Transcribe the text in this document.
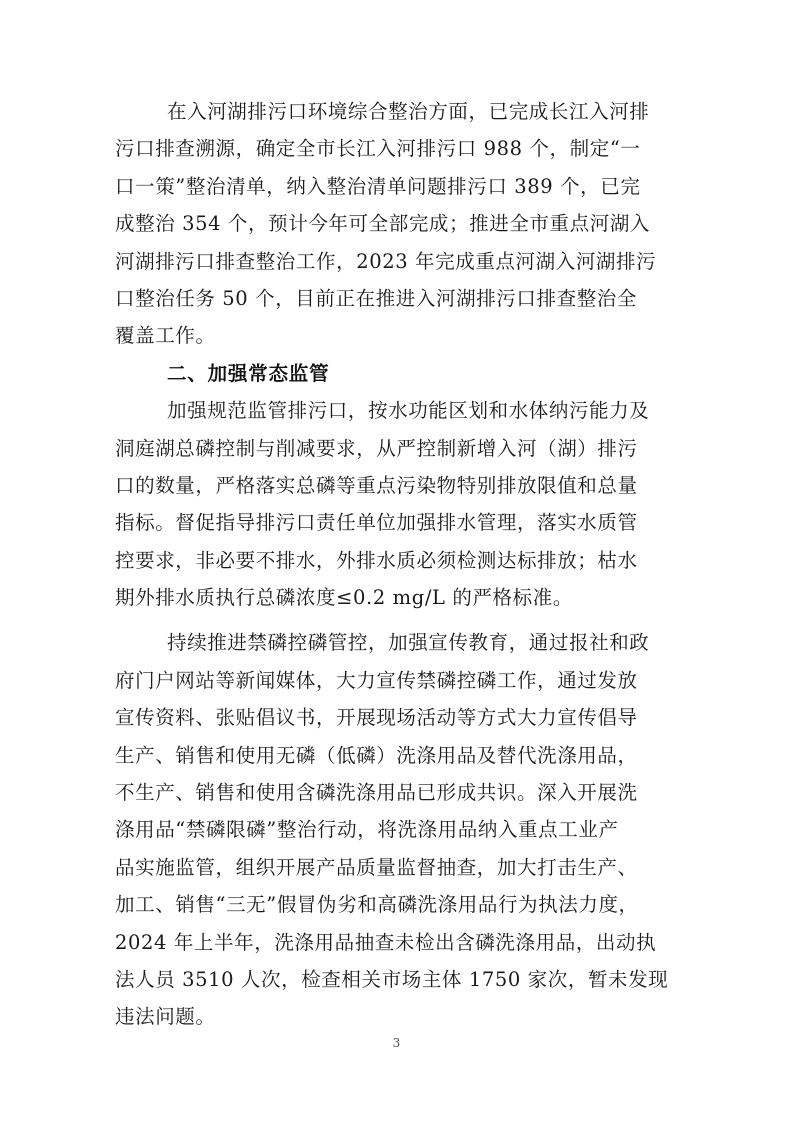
在入河湖排污口环境综合整治方面，已完成长江入河排
污口排查溯源，确定全市长江入河排污口 988 个，制定“一
口一策”整治清单，纳入整治清单问题排污口 389 个，已完
成整治 354 个，预计今年可全部完成；推进全市重点河湖入
河湖排污口排查整治工作，2023 年完成重点河湖入河湖排污
口整治任务 50 个，目前正在推进入河湖排污口排查整治全
覆盖工作。
二、加强常态监管
加强规范监管排污口，按水功能区划和水体纳污能力及
洞庭湖总磷控制与削减要求，从严控制新增入河（湖）排污
口的数量，严格落实总磷等重点污染物特别排放限值和总量
指标。督促指导排污口责任单位加强排水管理，落实水质管
控要求，非必要不排水，外排水质必须检测达标排放；枯水
期外排水质执行总磷浓度≤0.2 mg/L 的严格标准。
持续推进禁磷控磷管控，加强宣传教育，通过报社和政
府门户网站等新闻媒体，大力宣传禁磷控磷工作，通过发放
宣传资料、张贴倡议书，开展现场活动等方式大力宣传倡导
生产、销售和使用无磷（低磷）洗涤用品及替代洗涤用品，
不生产、销售和使用含磷洗涤用品已形成共识。深入开展洗
涤用品“禁磷限磷”整治行动，将洗涤用品纳入重点工业产
品实施监管，组织开展产品质量监督抽查，加大打击生产、
加工、销售“三无”假冒伪劣和高磷洗涤用品行为执法力度，
2024 年上半年，洗涤用品抽查未检出含磷洗涤用品，出动执
法人员 3510 人次，检查相关市场主体 1750 家次，暂未发现
违法问题。
3
